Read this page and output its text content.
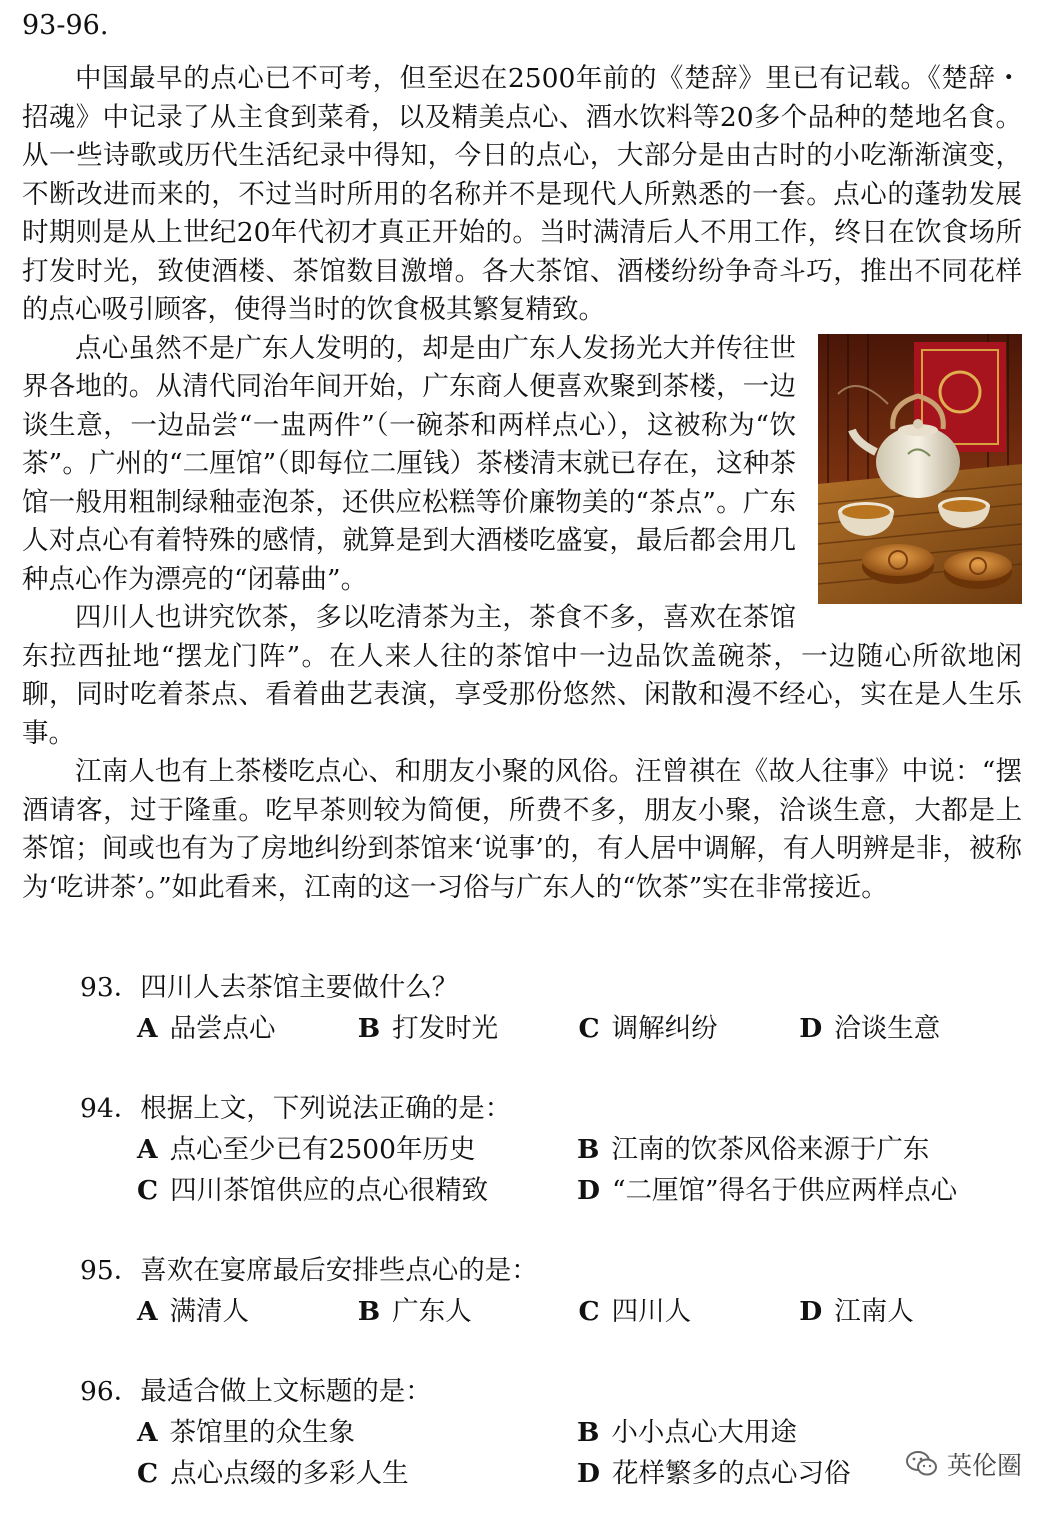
93-96.

中国最早的点心已不可考，但至迟在2500年前的《楚辞》里已有记载。《楚辞・招魂》中记录了从主食到菜肴，以及精美点心、酒水饮料等20多个品种的楚地名食。从一些诗歌或历代生活纪录中得知，今日的点心，大部分是由古时的小吃渐渐演变，不断改进而来的，不过当时所用的名称并不是现代人所熟悉的一套。点心的蓬勃发展时期则是从上世纪20年代初才真正开始的。当时满清后人不用工作，终日在饮食场所打发时光，致使酒楼、茶馆数目激增。各大茶馆、酒楼纷纷争奇斗巧，推出不同花样的点心吸引顾客，使得当时的饮食极其繁复精致。

点心虽然不是广东人发明的，却是由广东人发扬光大并传往世界各地的。从清代同治年间开始，广东商人便喜欢聚到茶楼，一边谈生意，一边品尝“一盅两件”（一碗茶和两样点心），这被称为“饮茶”。广州的“二厘馆”（即每位二厘钱）茶楼清末就已存在，这种茶馆一般用粗制绿釉壶泡茶，还供应松糕等价廉物美的“茶点”。广东人对点心有着特殊的感情，就算是到大酒楼吃盛宴，最后都会用几种点心作为漂亮的“闭幕曲”。

四川人也讲究饮茶，多以吃清茶为主，茶食不多，喜欢在茶馆东拉西扯地“摆龙门阵”。在人来人往的茶馆中一边品饮盖碗茶，一边随心所欲地闲聊，同时吃着茶点、看着曲艺表演，享受那份悠然、闲散和漫不经心，实在是人生乐事。

江南人也有上茶楼吃点心、和朋友小聚的风俗。汪曾祺在《故人往事》中说：“摆酒请客，过于隆重。吃早茶则较为简便，所费不多，朋友小聚，洽谈生意，大都是上茶馆；间或也有为了房地纠纷到茶馆来‘说事’的，有人居中调解，有人明辨是非，被称为‘吃讲茶’。”如此看来，江南的这一习俗与广东人的“饮茶”实在非常接近。

93．四川人去茶馆主要做什么？
A 品尝点心	B 打发时光	C 调解纠纷	D 洽谈生意
94．根据上文，下列说法正确的是：
A 点心至少已有2500年历史	B 江南的饮茶风俗来源于广东
C 四川茶馆供应的点心很精致	D “二厘馆”得名于供应两样点心
95．喜欢在宴席最后安排些点心的是：
A 满清人	B 广东人	C 四川人	D 江南人
96．最适合做上文标题的是：
A 茶馆里的众生象	B 小小点心大用途
C 点心点缀的多彩人生	D 花样繁多的点心习俗	英伦圈
